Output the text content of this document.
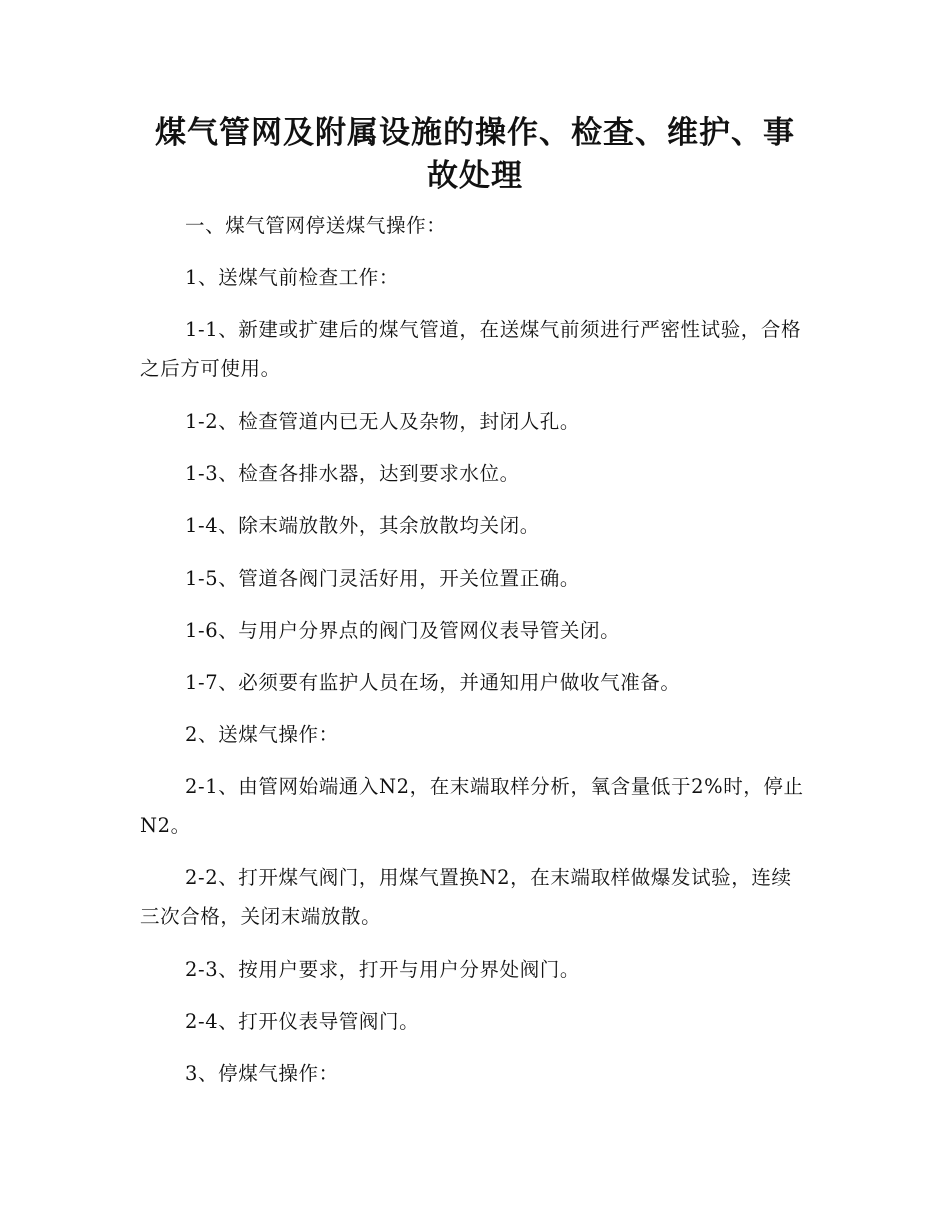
煤气管网及附属设施的操作、检查、维护、事故处理
一、煤气管网停送煤气操作：
1、送煤气前检查工作：
1-1、新建或扩建后的煤气管道，在送煤气前须进行严密性试验，合格之后方可使用。
1-2、检查管道内已无人及杂物，封闭人孔。
1-3、检查各排水器，达到要求水位。
1-4、除末端放散外，其余放散均关闭。
1-5、管道各阀门灵活好用，开关位置正确。
1-6、与用户分界点的阀门及管网仪表导管关闭。
1-7、必须要有监护人员在场，并通知用户做收气准备。
2、送煤气操作：
2-1、由管网始端通入N2，在末端取样分析，氧含量低于2%时，停止N2。
2-2、打开煤气阀门，用煤气置换N2，在末端取样做爆发试验，连续三次合格，关闭末端放散。
2-3、按用户要求，打开与用户分界处阀门。
2-4、打开仪表导管阀门。
3、停煤气操作：
